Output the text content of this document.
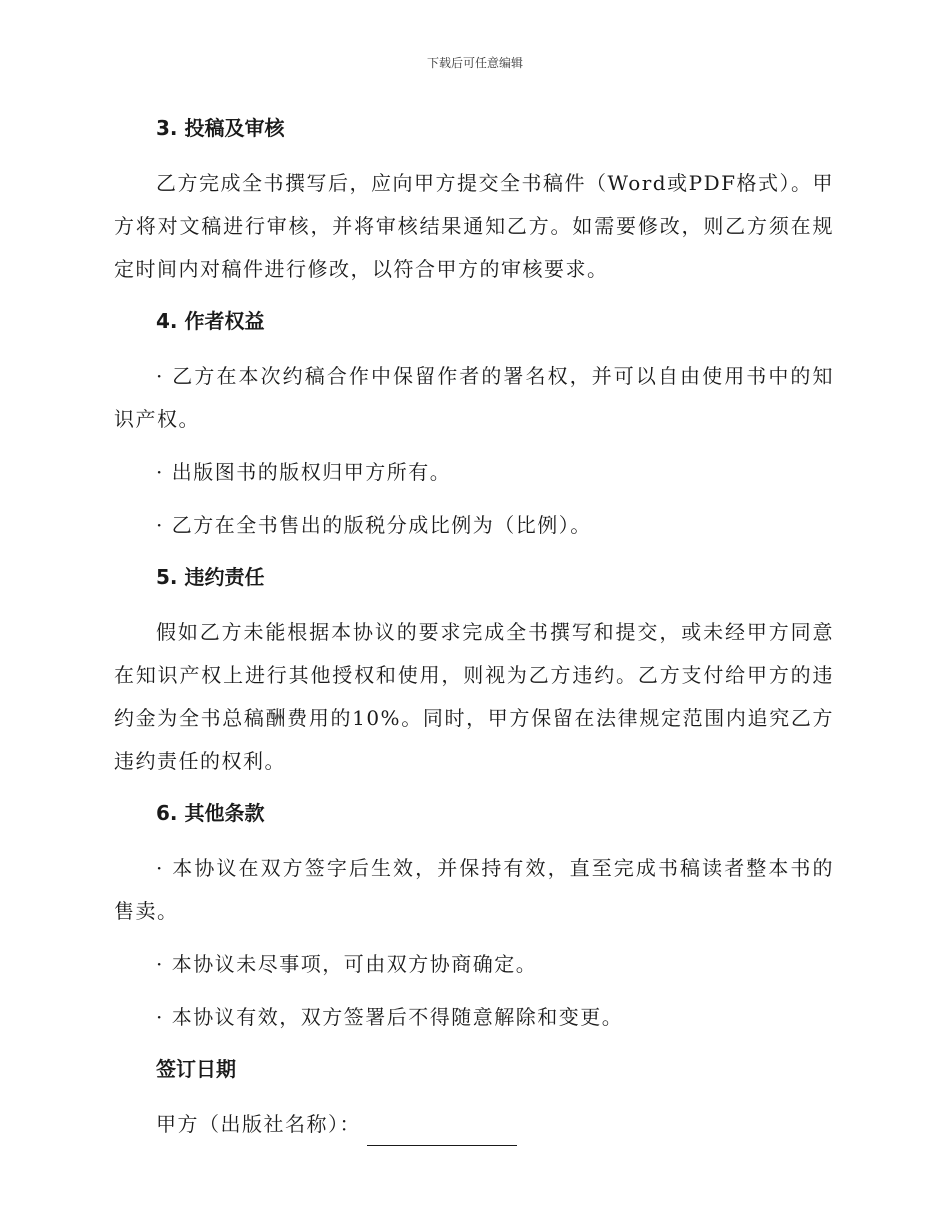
下载后可任意编辑
3. 投稿及审核

乙方完成全书撰写后，应向甲方提交全书稿件（Word或PDF格式）。甲方将对文稿进行审核，并将审核结果通知乙方。如需要修改，则乙方须在规定时间内对稿件进行修改，以符合甲方的审核要求。

4. 作者权益

· 乙方在本次约稿合作中保留作者的署名权，并可以自由使用书中的知识产权。

· 出版图书的版权归甲方所有。

· 乙方在全书售出的版税分成比例为（比例）。

5. 违约责任

假如乙方未能根据本协议的要求完成全书撰写和提交，或未经甲方同意在知识产权上进行其他授权和使用，则视为乙方违约。乙方支付给甲方的违约金为全书总稿酬费用的10%。同时，甲方保留在法律规定范围内追究乙方违约责任的权利。

6. 其他条款

· 本协议在双方签字后生效，并保持有效，直至完成书稿读者整本书的售卖。

· 本协议未尽事项，可由双方协商确定。

· 本协议有效，双方签署后不得随意解除和变更。

签订日期

甲方（出版社名称）：
